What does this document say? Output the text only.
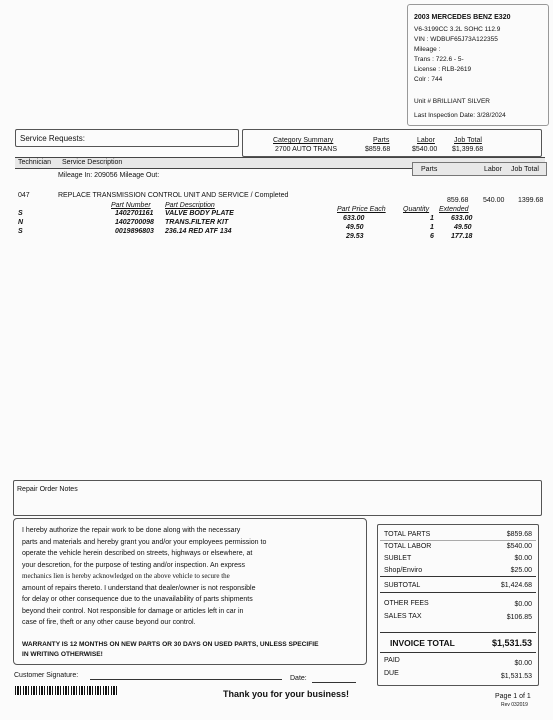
2003 MERCEDES BENZ E320
V6-3199CC 3.2L SOHC 112.9
VIN : WDBUF65J73A122355
Mileage :
Trans : 722.6 - 5-
License : RLB-2619
Colr : 744
Unit # BRILLIANT SILVER
Last Inspection Date: 3/28/2024
Service Requests:	Category Summary	Parts	Labor	Job Total
2700 AUTO TRANS	$859.68	$540.00 $1,399.68
Technician Service Description
Parts	Labor Job Total
Mileage In: 209056 Mileage Out:
047	REPLACE TRANSMISSION CONTROL UNIT AND SERVICE / Completed
859.68 540.00 1399.68
Part Number Part Description
Part Price Each Quantity Extended
S	1402701161 VALVE BODY PLATE
633.00	1 633.00
N	1402700098 TRANS.FILTER KIT
49.50	1	49.50
S	0019896803 236.14 RED ATF 134
29.53	6 177.18
Repair Order Notes
I hereby authorize the repair work to be done along with the necessary
parts and materials and hereby grant you and/or your employees permission to
operate the vehicle herein described on streets, highways or elsewhere, at
your descretion, for the purpose of testing and/or inspection. An express
mechanics lien is hereby acknowledged on the above vehicle to secure the
amount of repairs thereto. I understand that dealer/owner is not responsible
for delay or other consequence due to the unavailability of parts shipments
beyond their control. Not responsible for damage or articles left in car in
case of fire, theft or any other cause beyond our control.
WARRANTY IS 12 MONTHS ON NEW PARTS OR 30 DAYS ON USED PARTS, UNLESS SPECIFIE
IN WRITING OTHERWISE!
TOTAL PARTS	$859.68
TOTAL LABOR	$540.00
SUBLET	$0.00
Shop/Enviro	$25.00
SUBTOTAL	$1,424.68
OTHER FEES	$0.00
SALES TAX	$106.85
INVOICE TOTAL	$1,531.53
PAID	$0.00
DUE	$1,531.53
Customer Signature:	Date:
Thank you for your business!	Page 1 of 1
Rev 032019
